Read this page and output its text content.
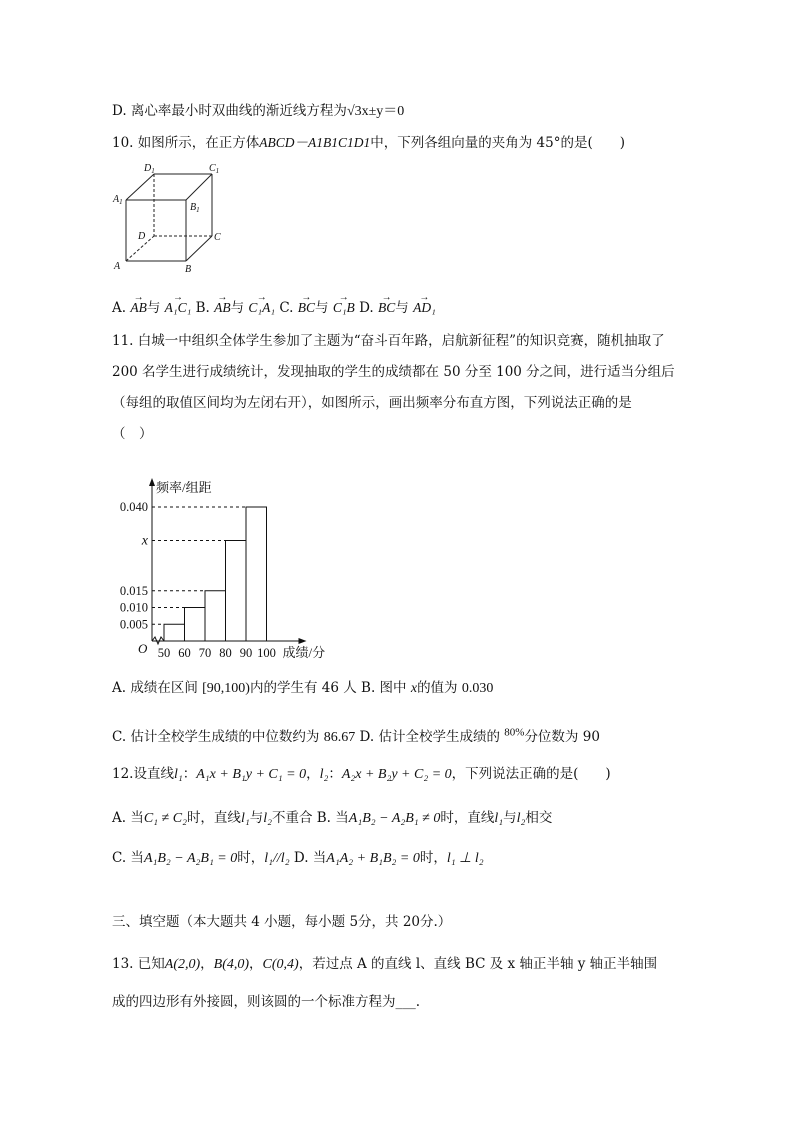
D. 离心率最小时双曲线的渐近线方程为√3x±y＝0
10. 如图所示，在正方体ABCD－A1B1C1D1中，下列各组向量的夹角为 45°的是(　　)
$D_1$	$C_1$
$A_1$	$B_1$
D	C
A	B
A. → AB与 → A₁C₁ B. → AB与 → C₁A₁ C. → BC与 → C₁B D. → BC与 → AD₁
11. 白城一中组织全体学生参加了主题为“奋斗百年路，启航新征程”的知识竞赛，随机抽取了
200 名学生进行成绩统计，发现抽取的学生的成绩都在 50 分至 100 分之间，进行适当分组后
（每组的取值区间均为左闭右开），如图所示，画出频率分布直方图，下列说法正确的是
（　）
0.005
0.010
0.015
x
0.040
50 60 70 80 90 100
O
频率/组距
成绩/分
A. 成绩在区间 [90,100)内的学生有 46 人 B. 图中 x的值为 0.030
C. 估计全校学生成绩的中位数约为 86.67 D. 估计全校学生成绩的 $^{80\%}$分位数为 90
12.设直线l₁：A₁x + B₁y + C₁ = 0，l₂：A₂x + B₂y + C₂ = 0，下列说法正确的是(　　)
A. 当C₁ ≠ C₂时，直线l₁与l₂不重合 B. 当A₁B₂ − A₂B₁ ≠ 0时，直线l₁与l₂相交
C. 当A₁B₂ − A₂B₁ = 0时，l₁//l₂ D. 当A₁A₂ + B₁B₂ = 0时，l₁ ⊥ l₂
三、填空题（本大题共 4 小题，每小题 5分，共 20分.）
13. 已知A(2,0)，B(4,0)，C(0,4)，若过点 A 的直线 l、直线 BC 及 x 轴正半轴 y 轴正半轴围
成的四边形有外接圆，则该圆的一个标准方程为___.
